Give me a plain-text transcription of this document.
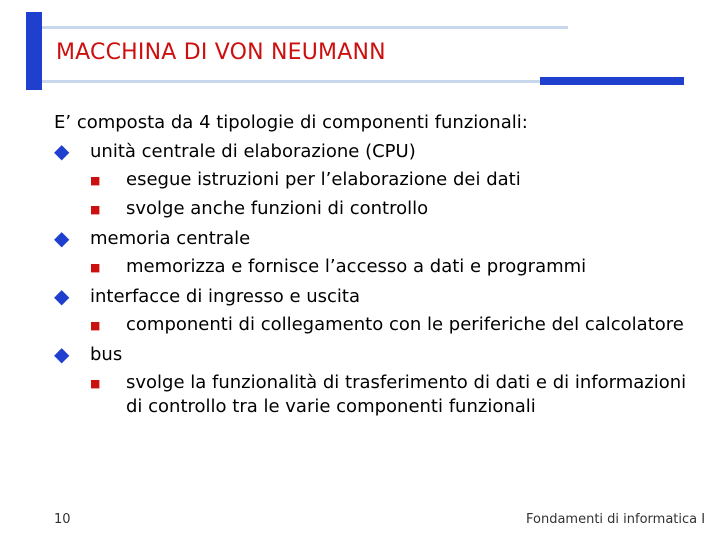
MACCHINA DI VON NEUMANN
E’ composta da 4 tipologie di componenti funzionali:
◆	unità centrale di elaborazione (CPU)
■	esegue istruzioni per l’elaborazione dei dati
■	svolge anche funzioni di controllo
◆	memoria centrale
■	memorizza e fornisce l’accesso a dati e programmi
◆	interfacce di ingresso e uscita
■	componenti di collegamento con le periferiche del calcolatore
◆	bus
■	svolge la funzionalità di trasferimento di dati e di informazioni di controllo tra le varie componenti funzionali
10	Fondamenti di informatica I
